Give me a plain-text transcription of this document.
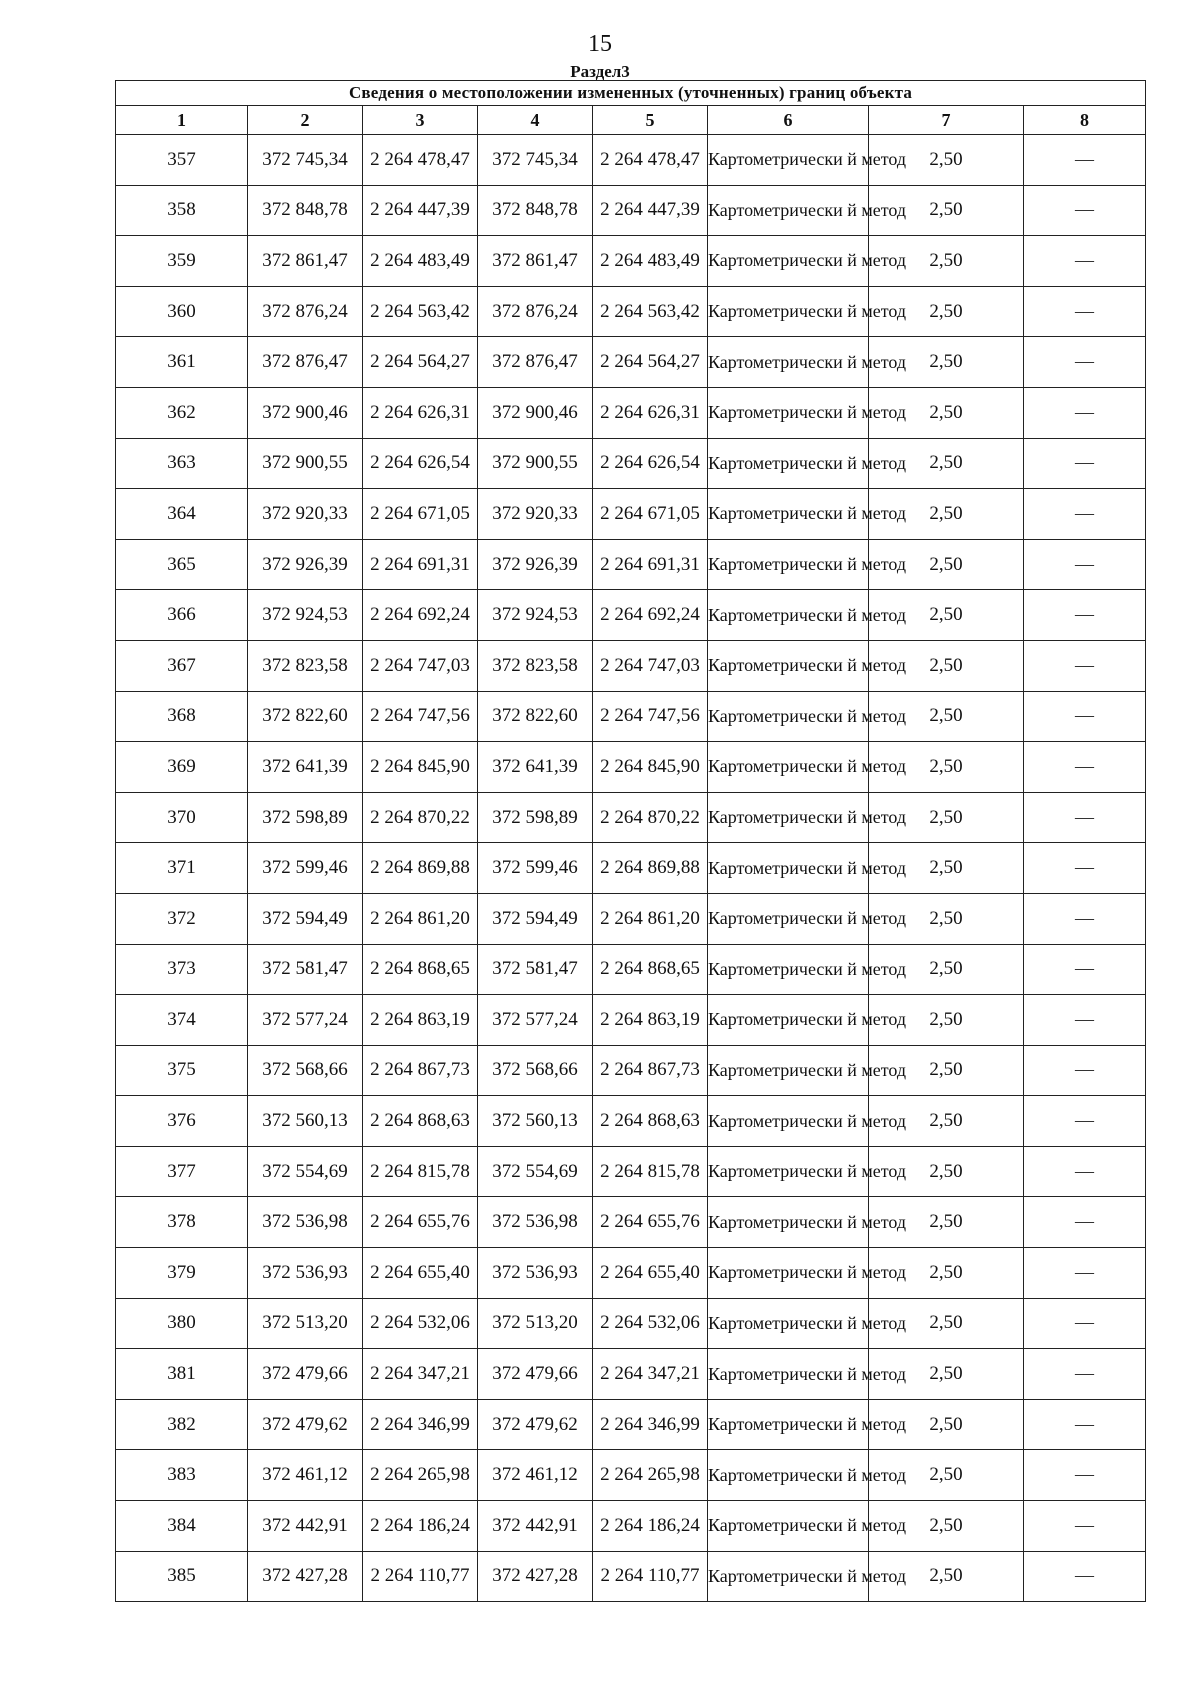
15
Раздел3
Сведения о местоположении измененных (уточненных) границ объекта							
1	2	3	4	5	6	7	8
357	372 745,34	2 264 478,47	372 745,34	2 264 478,47	Картометрически й метод	2,50	—
358	372 848,78	2 264 447,39	372 848,78	2 264 447,39	Картометрически й метод	2,50	—
359	372 861,47	2 264 483,49	372 861,47	2 264 483,49	Картометрически й метод	2,50	—
360	372 876,24	2 264 563,42	372 876,24	2 264 563,42	Картометрически й метод	2,50	—
361	372 876,47	2 264 564,27	372 876,47	2 264 564,27	Картометрически й метод	2,50	—
362	372 900,46	2 264 626,31	372 900,46	2 264 626,31	Картометрически й метод	2,50	—
363	372 900,55	2 264 626,54	372 900,55	2 264 626,54	Картометрически й метод	2,50	—
364	372 920,33	2 264 671,05	372 920,33	2 264 671,05	Картометрически й метод	2,50	—
365	372 926,39	2 264 691,31	372 926,39	2 264 691,31	Картометрически й метод	2,50	—
366	372 924,53	2 264 692,24	372 924,53	2 264 692,24	Картометрически й метод	2,50	—
367	372 823,58	2 264 747,03	372 823,58	2 264 747,03	Картометрически й метод	2,50	—
368	372 822,60	2 264 747,56	372 822,60	2 264 747,56	Картометрически й метод	2,50	—
369	372 641,39	2 264 845,90	372 641,39	2 264 845,90	Картометрически й метод	2,50	—
370	372 598,89	2 264 870,22	372 598,89	2 264 870,22	Картометрически й метод	2,50	—
371	372 599,46	2 264 869,88	372 599,46	2 264 869,88	Картометрически й метод	2,50	—
372	372 594,49	2 264 861,20	372 594,49	2 264 861,20	Картометрически й метод	2,50	—
373	372 581,47	2 264 868,65	372 581,47	2 264 868,65	Картометрически й метод	2,50	—
374	372 577,24	2 264 863,19	372 577,24	2 264 863,19	Картометрически й метод	2,50	—
375	372 568,66	2 264 867,73	372 568,66	2 264 867,73	Картометрически й метод	2,50	—
376	372 560,13	2 264 868,63	372 560,13	2 264 868,63	Картометрически й метод	2,50	—
377	372 554,69	2 264 815,78	372 554,69	2 264 815,78	Картометрически й метод	2,50	—
378	372 536,98	2 264 655,76	372 536,98	2 264 655,76	Картометрически й метод	2,50	—
379	372 536,93	2 264 655,40	372 536,93	2 264 655,40	Картометрически й метод	2,50	—
380	372 513,20	2 264 532,06	372 513,20	2 264 532,06	Картометрически й метод	2,50	—
381	372 479,66	2 264 347,21	372 479,66	2 264 347,21	Картометрически й метод	2,50	—
382	372 479,62	2 264 346,99	372 479,62	2 264 346,99	Картометрически й метод	2,50	—
383	372 461,12	2 264 265,98	372 461,12	2 264 265,98	Картометрически й метод	2,50	—
384	372 442,91	2 264 186,24	372 442,91	2 264 186,24	Картометрически й метод	2,50	—
385	372 427,28	2 264 110,77	372 427,28	2 264 110,77	Картометрически й метод	2,50	—
